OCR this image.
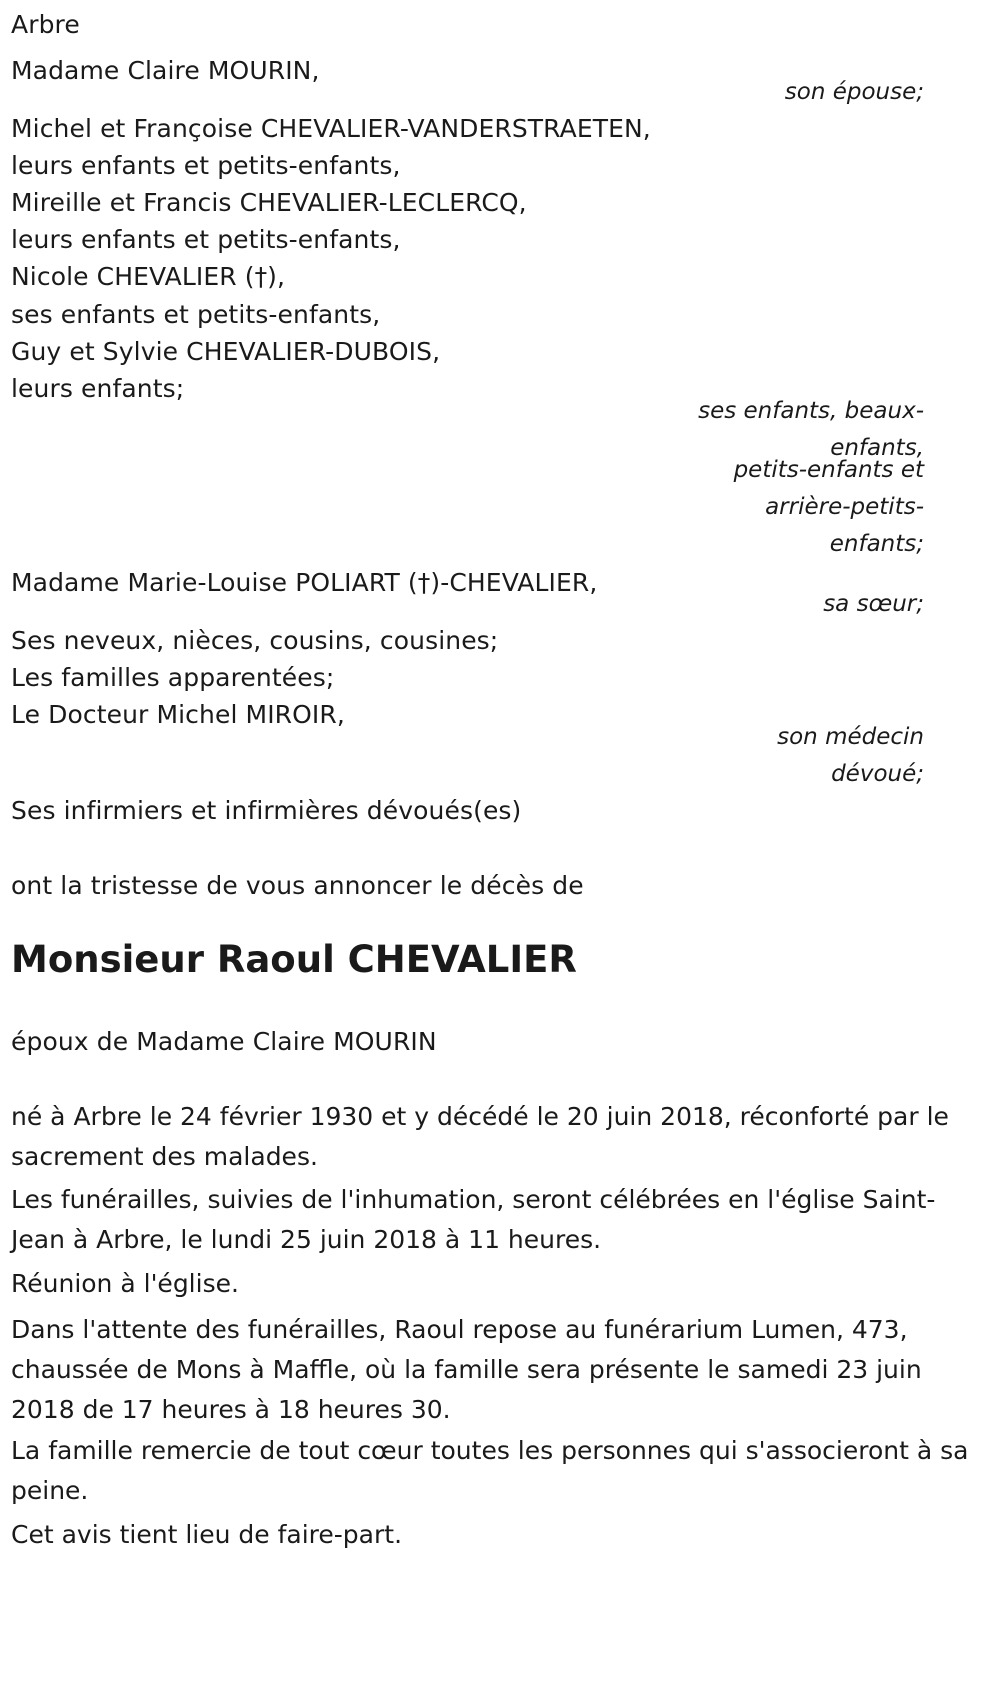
Arbre
Madame Claire MOURIN,
son épouse;
Michel et Françoise CHEVALIER-VANDERSTRAETEN,
leurs enfants et petits-enfants,
Mireille et Francis CHEVALIER-LECLERCQ,
leurs enfants et petits-enfants,
Nicole CHEVALIER (†),
ses enfants et petits-enfants,
Guy et Sylvie CHEVALIER-DUBOIS,
leurs enfants;
ses enfants, beaux-
enfants,
petits-enfants et
arrière-petits-
enfants;
Madame Marie-Louise POLIART (†)-CHEVALIER,
sa sœur;
Ses neveux, nièces, cousins, cousines;
Les familles apparentées;
Le Docteur Michel MIROIR,
son médecin
dévoué;
Ses infirmiers et infirmières dévoués(es)
ont la tristesse de vous annoncer le décès de
Monsieur Raoul CHEVALIER
époux de Madame Claire MOURIN
né à Arbre le 24 février 1930 et y décédé le 20 juin 2018, réconforté par le sacrement des malades.
Les funérailles, suivies de l'inhumation, seront célébrées en l'église Saint-Jean à Arbre, le lundi 25 juin 2018 à 11 heures.
Réunion à l'église.
Dans l'attente des funérailles, Raoul repose au funérarium Lumen, 473, chaussée de Mons à Maffle, où la famille sera présente le samedi 23 juin 2018 de 17 heures à 18 heures 30.
La famille remercie de tout cœur toutes les personnes qui s'associeront à sa peine.
Cet avis tient lieu de faire-part.
